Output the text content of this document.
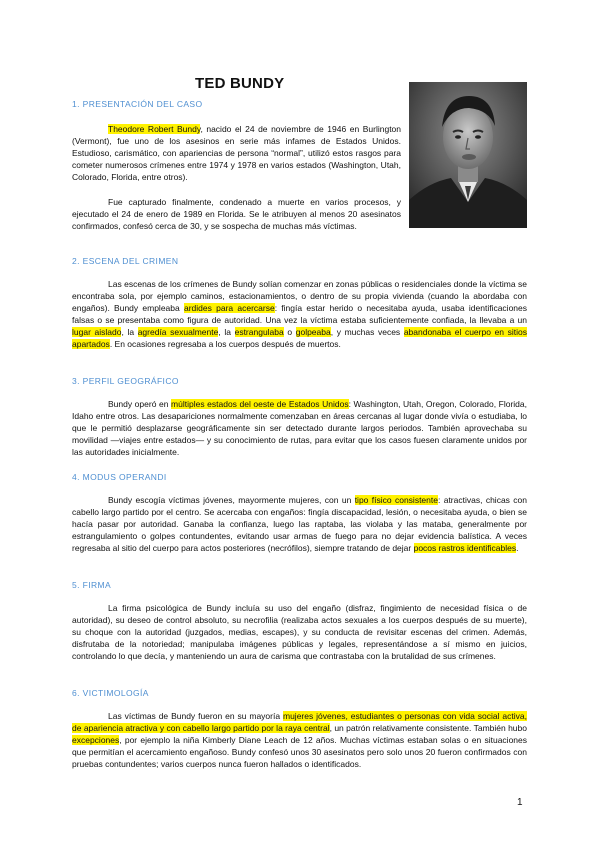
TED BUNDY
1. PRESENTACIÓN DEL CASO

Theodore Robert Bundy, nacido el 24 de noviembre de 1946 en Burlington (Vermont), fue uno de los asesinos en serie más infames de Estados Unidos. Estudioso, carismático, con apariencias de persona “normal”, utilizó estos rasgos para cometer numerosos crímenes entre 1974 y 1978 en varios estados (Washington, Utah, Colorado, Florida, entre otros).

Fue capturado finalmente, condenado a muerte en varios procesos, y ejecutado el 24 de enero de 1989 en Florida. Se le atribuyen al menos 20 asesinatos confirmados, confesó cerca de 30, y se sospecha de muchas más víctimas.

2. ESCENA DEL CRIMEN

Las escenas de los crímenes de Bundy solían comenzar en zonas públicas o residenciales donde la víctima se encontraba sola, por ejemplo caminos, estacionamientos, o dentro de su propia vivienda (cuando la abordaba con engaños). Bundy empleaba ardides para acercarse: fingía estar herido o necesitaba ayuda, usaba identificaciones falsas o se presentaba como figura de autoridad. Una vez la víctima estaba suficientemente confiada, la llevaba a un lugar aislado, la agredía sexualmente, la estrangulaba o golpeaba, y muchas veces abandonaba el cuerpo en sitios apartados. En ocasiones regresaba a los cuerpos después de muertos.

3. PERFIL GEOGRÁFICO

Bundy operó en múltiples estados del oeste de Estados Unidos: Washington, Utah, Oregon, Colorado, Florida, Idaho entre otros. Las desapariciones normalmente comenzaban en áreas cercanas al lugar donde vivía o estudiaba, lo que le permitió desplazarse geográficamente sin ser detectado durante largos periodos. También aprovechaba su movilidad —viajes entre estados— y su conocimiento de rutas, para evitar que los casos fuesen claramente unidos por las autoridades inicialmente.

4. MODUS OPERANDI

Bundy escogía víctimas jóvenes, mayormente mujeres, con un tipo físico consistente: atractivas, chicas con cabello largo partido por el centro. Se acercaba con engaños: fingía discapacidad, lesión, o necesitaba ayuda, o bien se hacía pasar por autoridad. Ganaba la confianza, luego las raptaba, las violaba y las mataba, generalmente por estrangulamiento o golpes contundentes, evitando usar armas de fuego para no dejar evidencia balística. A veces regresaba al sitio del cuerpo para actos posteriores (necrófilos), siempre tratando de dejar pocos rastros identificables.

5. FIRMA

La firma psicológica de Bundy incluía su uso del engaño (disfraz, fingimiento de necesidad física o de autoridad), su deseo de control absoluto, su necrofilia (realizaba actos sexuales a los cuerpos después de su muerte), su choque con la autoridad (juzgados, medias, escapes), y su conducta de revisitar escenas del crimen. Además, disfrutaba de la notoriedad; manipulaba imágenes públicas y legales, representándose a sí mismo en juicios, controlando lo que decía, y manteniendo un aura de carisma que contrastaba con la brutalidad de sus crímenes.

6. VICTIMOLOGÍA

Las víctimas de Bundy fueron en su mayoría mujeres jóvenes, estudiantes o personas con vida social activa, de apariencia atractiva y con cabello largo partido por la raya central, un patrón relativamente consistente. También hubo excepciones, por ejemplo la niña Kimberly Diane Leach de 12 años. Muchas víctimas estaban solas o en situaciones que permitían el acercamiento engañoso. Bundy confesó unos 30 asesinatos pero solo unos 20 fueron confirmados con pruebas contundentes; varios cuerpos nunca fueron hallados o identificados.

1
